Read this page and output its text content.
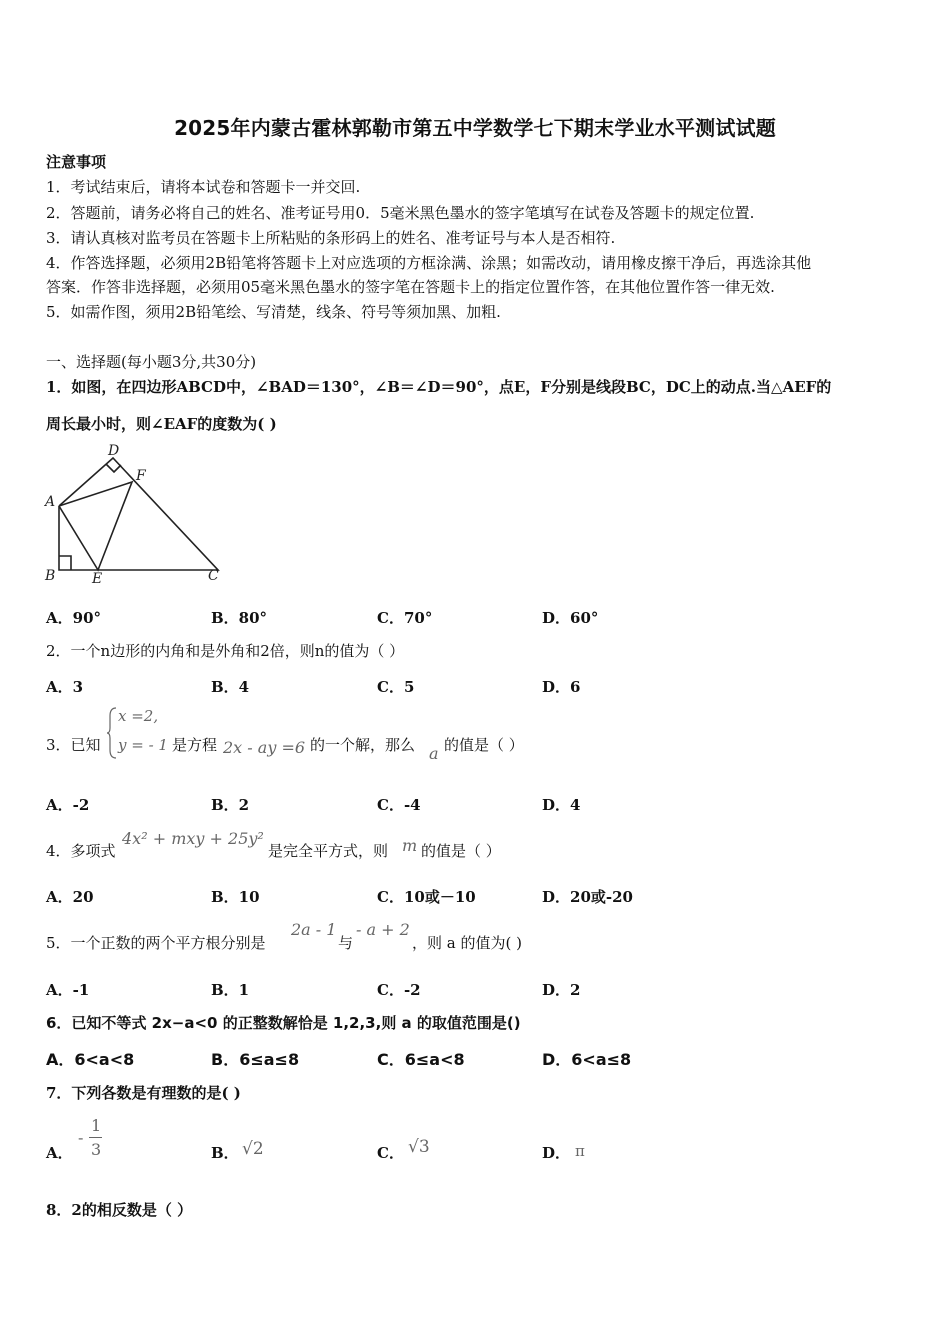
2025年内蒙古霍林郭勒市第五中学数学七下期末学业水平测试试题
注意事项
1．考试结束后，请将本试卷和答题卡一并交回.
2．答题前，请务必将自己的姓名、准考证号用0．5毫米黑色墨水的签字笔填写在试卷及答题卡的规定位置.
3．请认真核对监考员在答题卡上所粘贴的条形码上的姓名、准考证号与本人是否相符.
4．作答选择题，必须用2B铅笔将答题卡上对应选项的方框涂满、涂黑；如需改动，请用橡皮擦干净后，再选涂其他
答案．作答非选择题，必须用05毫米黑色墨水的签字笔在答题卡上的指定位置作答，在其他位置作答一律无效.
5．如需作图，须用2B铅笔绘、写清楚，线条、符号等须加黑、加粗.
一、选择题(每小题3分,共30分)
1．如图，在四边形ABCD中，∠BAD＝130°，∠B＝∠D＝90°，点E，F分别是线段BC，DC上的动点.当△AEF的
周长最小时，则∠EAF的度数为( )
D
F
A
B	E	C
A．90°	B．80°	C．70°	D．60°
2．一个n边形的内角和是外角和2倍，则n的值为（ ）
A．3	B．4	C．5	D．6
3．已知
x =2,
y = - 1 是方程 2x - ay =6 的一个解，那么 a 的值是（ ）
A．-2	B．2	C．-4	D．4
4．多项式
4x² + mxy + 25y²
是完全平方式，则 m 的值是（ ）
A．20	B．10	C．10或－10	D．20或-20
5．一个正数的两个平方根分别是
2a - 1
与
- a + 2
，则 a 的值为( )
A．-1	B．1	C．-2	D．2
6．已知不等式 2x−a<0 的正整数解恰是 1,2,3,则 a 的取值范围是()
A．6<a<8	B．6≤a≤8	C．6≤a<8	D．6<a≤8
7．下列各数是有理数的是( )
A．
-
1
3	B． √2	C． √3	D． π
8．2的相反数是（ ）
